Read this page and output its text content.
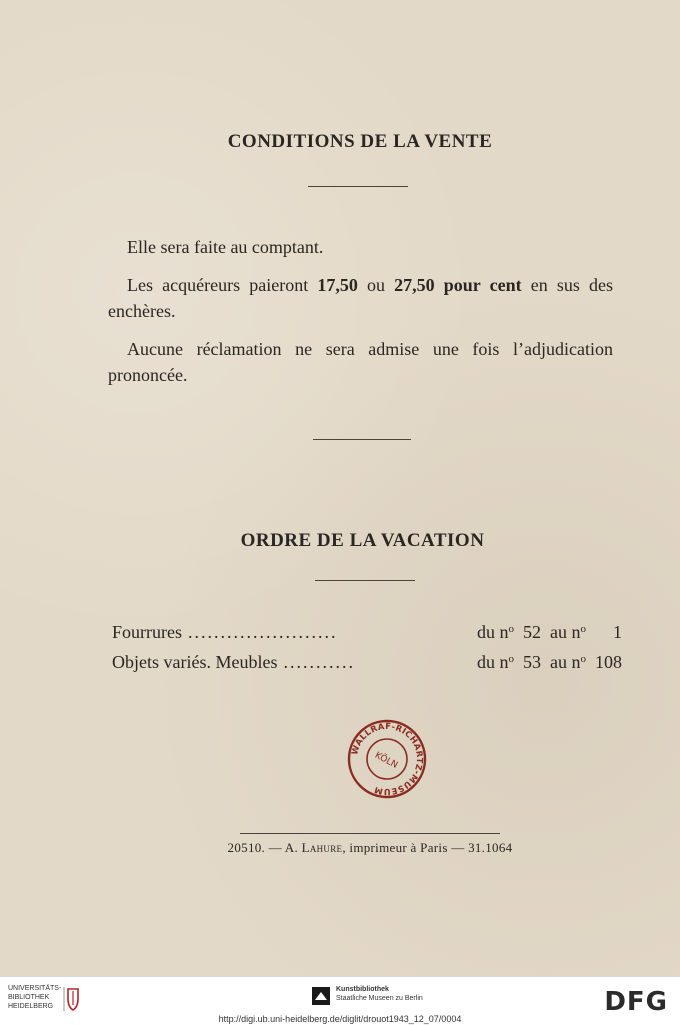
CONDITIONS DE LA VENTE

Elle sera faite au comptant.

Les acquéreurs paieront 17,50 ou 27,50 pour cent en sus des enchères.

Aucune réclamation ne sera admise une fois l’adjudication prononcée.

ORDRE DE LA VACATION
Fourrures .......................	du $n^o$ 52 au $n^o$ 1
Objets variés. Meubles ...........	du $n^o$ 53 au $n^o$ 108
WALLRAF-RICHARTZ-MUSEUM
KÖLN
20510. — A. Lahure, imprimeur à Paris — 31.1064
UNIVERSITÄTS-
BIBLIOTHEK
HEIDELBERG
Kunstbibliothek
Staatliche Museen zu Berlin	DFG
http://digi.ub.uni-heidelberg.de/diglit/drouot1943_12_07/0004
